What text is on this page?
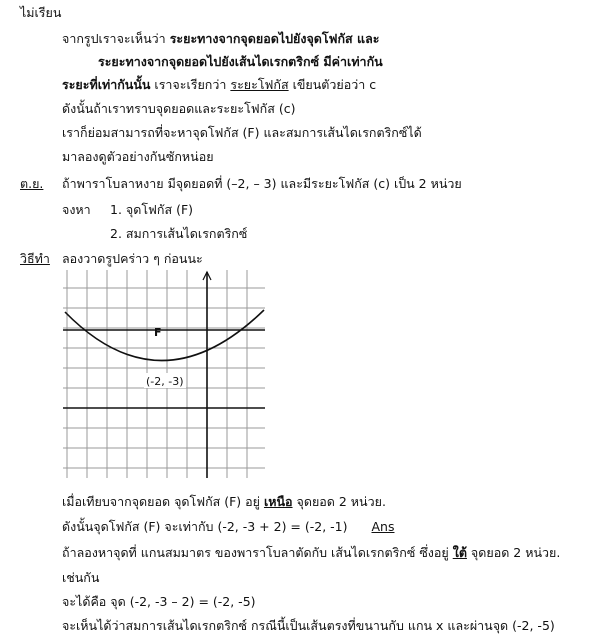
ไม่เรียน
จากรูปเราจะเห็นว่า ระยะทางจากจุดยอดไปยังจุดโฟกัส และ
ระยะทางจากจุดยอดไปยังเส้นไดเรกตริกซ์ มีค่าเท่ากัน
ระยะที่เท่ากันนั้น เราจะเรียกว่า ระยะโฟกัส เขียนตัวย่อว่า c
ดังนั้นถ้าเราทราบจุดยอดและระยะโฟกัส (c)
เราก็ย่อมสามารถที่จะหาจุดโฟกัส (F) และสมการเส้นไดเรกตริกซ์ได้
มาลองดูตัวอย่างกันซักหน่อย
ต.ย. ถ้าพาราโบลาหงาย มีจุดยอดที่ (–2, – 3) และมีระยะโฟกัส (c) เป็น 2 หน่วย
จงหา 1. จุดโฟกัส (F)
2. สมการเส้นไดเรกตริกซ์
วิธีทำ ลองวาดรูปคร่าว ๆ ก่อนนะ
F
(-2, -3)
เมื่อเทียบจากจุดยอด จุดโฟกัส (F) อยู่ เหนือ จุดยอด 2 หน่วย.
ดังนั้นจุดโฟกัส (F) จะเท่ากับ (-2, -3 + 2) = (-2, -1) Ans
ถ้าลองหาจุดที่ แกนสมมาตร ของพาราโบลาตัดกับ เส้นไดเรกตริกซ์ ซึ่งอยู่ ใต้ จุดยอด 2 หน่วย.
เช่นกัน
จะได้คือ จุด (-2, -3 – 2) = (-2, -5)
จะเห็นได้ว่าสมการเส้นไดเรกตริกซ์ กรณีนี้เป็นเส้นตรงที่ขนานกับ แกน x และผ่านจุด (-2, -5)
